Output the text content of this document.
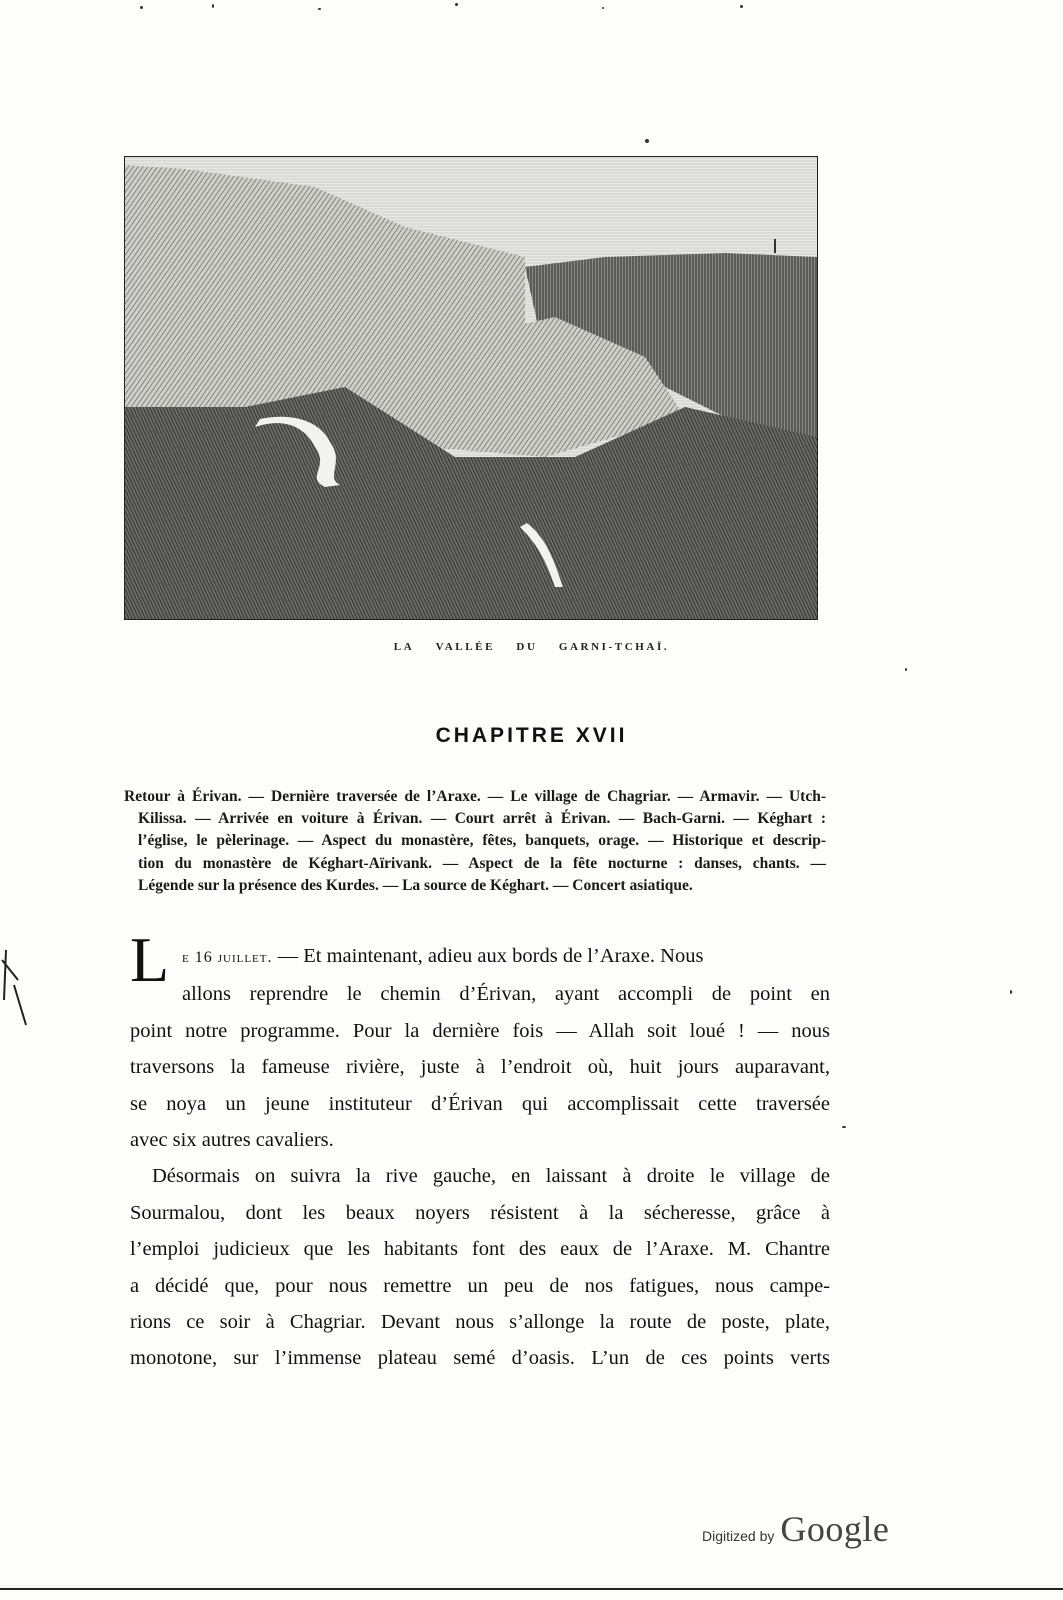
LA VALLÉE DU GARNI-TCHAÏ.
CHAPITRE XVII
Retour à Érivan. — Dernière traversée de l’Araxe. — Le village de Chagriar. — Armavir. — Utch-
Kilissa. — Arrivée en voiture à Érivan. — Court arrêt à Érivan. — Bach-Garni. — Kéghart :
l’église, le pèlerinage. — Aspect du monastère, fêtes, banquets, orage. — Historique et descrip-
tion du monastère de Kéghart-Aïrivank. — Aspect de la fête nocturne : danses, chants. —
Légende sur la présence des Kurdes. — La source de Kéghart. — Concert asiatique.
L e 16 juillet. — Et maintenant, adieu aux bords de l’Araxe. Nous
allons reprendre le chemin d’Érivan, ayant accompli de point en
point notre programme. Pour la dernière fois — Allah soit loué ! — nous
traversons la fameuse rivière, juste à l’endroit où, huit jours auparavant,
se noya un jeune instituteur d’Érivan qui accomplissait cette traversée
avec six autres cavaliers.
Désormais on suivra la rive gauche, en laissant à droite le village de
Sourmalou, dont les beaux noyers résistent à la sécheresse, grâce à
l’emploi judicieux que les habitants font des eaux de l’Araxe. M. Chantre
a décidé que, pour nous remettre un peu de nos fatigues, nous campe-
rions ce soir à Chagriar. Devant nous s’allonge la route de poste, plate,
monotone, sur l’immense plateau semé d’oasis. L’un de ces points verts
Digitized by Google
